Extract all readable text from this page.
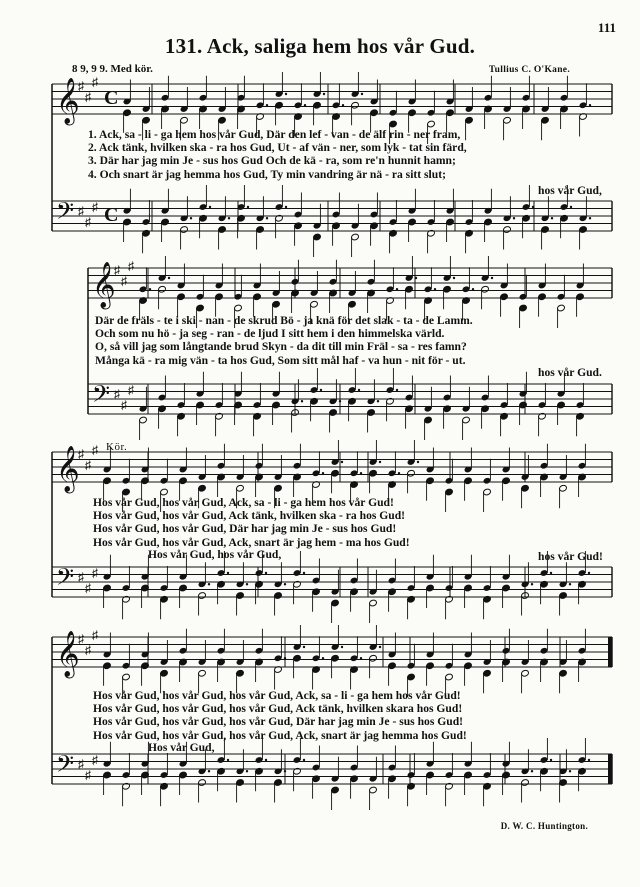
111
131. Ack, saliga hem hos vår Gud.
8 9, 9 9. Med kör.	Tullius C. O'Kane.
𝄞
♯
♯
♯
C
𝄢 ♯
♯
♯ C
𝄞
♯
♯
♯
𝄢 ♯
♯
♯
𝄞
♯
♯
♯
𝄢 ♯
♯
♯
𝄞
♯
♯
♯
𝄢 ♯
♯
♯
1. Ack, sa - li - ga hem hos vår Gud, Där den lef - van - de älf rin - ner fram,
2. Ack tänk, hvilken ska - ra hos Gud, Ut - af vän - ner, som lyk - tat sin färd,
3. Där har jag min Je - sus hos Gud Och de kä - ra, som re'n hunnit hamn;
4. Och snart är jag hemma hos Gud, Ty min vandring är nä - ra sitt slut;
hos vår Gud,
Där de fräls - te i ski - nan - de skrud Bö - ja knä för det slak - ta - de Lamm.
Och som nu hö - ja seg - ran - de ljud I sitt hem i den himmelska värld.
O, så vill jag som långtande brud Skyn - da dit till min Fräl - sa - res famn?
Många kä - ra mig vän - ta hos Gud, Som sitt mål haf - va hun - nit för - ut.
hos vår Gud.
Kör.
Hos vår Gud, hos vår Gud, Ack, sa - li - ga hem hos vår Gud!
Hos vår Gud, hos vår Gud, Ack tänk, hvilken ska - ra hos Gud!
Hos vår Gud, hos vår Gud, Där har jag min Je - sus hos Gud!
Hos vår Gud, hos vår Gud, Ack, snart är jag hem - ma hos Gud!
Hos vår Gud, hos vår Gud,	hos vår Gud!
Hos vår Gud, hos vår Gud, hos vår Gud, Ack, sa - li - ga hem hos vår Gud!
Hos vår Gud, hos vår Gud, hos vår Gud, Ack tänk, hvilken skara hos Gud!
Hos vår Gud, hos vår Gud, hos vår Gud, Där har jag min Je - sus hos Gud!
Hos vår Gud, hos vår Gud, hos vår Gud, Ack, snart är jag hemma hos Gud!
Hos vår Gud,
D. W. C. Huntington.
